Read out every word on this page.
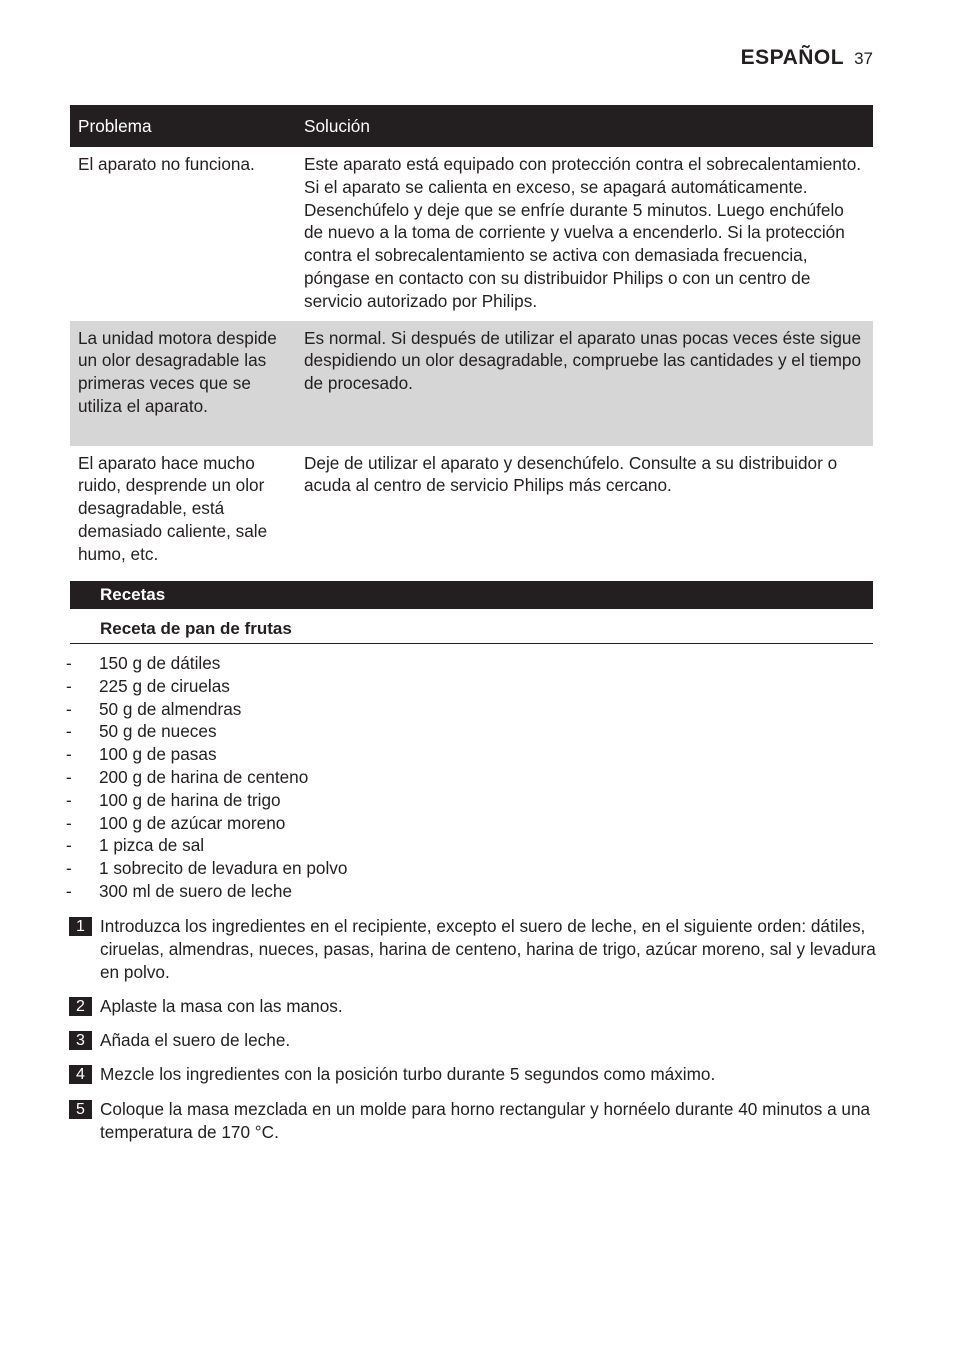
ESPAÑOL 37
Problema	Solución
El aparato no funciona.	Este aparato está equipado con protección contra el sobrecalentamiento. Si el aparato se calienta en exceso, se apagará automáticamente. Desenchúfelo y deje que se enfríe durante 5 minutos. Luego enchúfelo de nuevo a la toma de corriente y vuelva a encenderlo. Si la protección contra el sobrecalentamiento se activa con demasiada frecuencia, póngase en contacto con su distribuidor Philips o con un centro de servicio autorizado por Philips.
La unidad motora despide un olor desagradable las primeras veces que se utiliza el aparato.	Es normal. Si después de utilizar el aparato unas pocas veces éste sigue despidiendo un olor desagradable, compruebe las cantidades y el tiempo de procesado.
El aparato hace mucho ruido, desprende un olor desagradable, está demasiado caliente, sale humo, etc.	Deje de utilizar el aparato y desenchúfelo. Consulte a su distribuidor o acuda al centro de servicio Philips más cercano.
Recetas
Receta de pan de frutas
-	150 g de dátiles
-	225 g de ciruelas
-	50 g de almendras
-	50 g de nueces
-	100 g de pasas
-	200 g de harina de centeno
-	100 g de harina de trigo
-	100 g de azúcar moreno
-	1 pizca de sal
-	1 sobrecito de levadura en polvo
-	300 ml de suero de leche
1 Introduzca los ingredientes en el recipiente, excepto el suero de leche, en el siguiente orden: dátiles, ciruelas, almendras, nueces, pasas, harina de centeno, harina de trigo, azúcar moreno, sal y levadura en polvo.
2 Aplaste la masa con las manos.
3 Añada el suero de leche.
4 Mezcle los ingredientes con la posición turbo durante 5 segundos como máximo.
5 Coloque la masa mezclada en un molde para horno rectangular y hornéelo durante 40 minutos a una temperatura de 170 °C.
